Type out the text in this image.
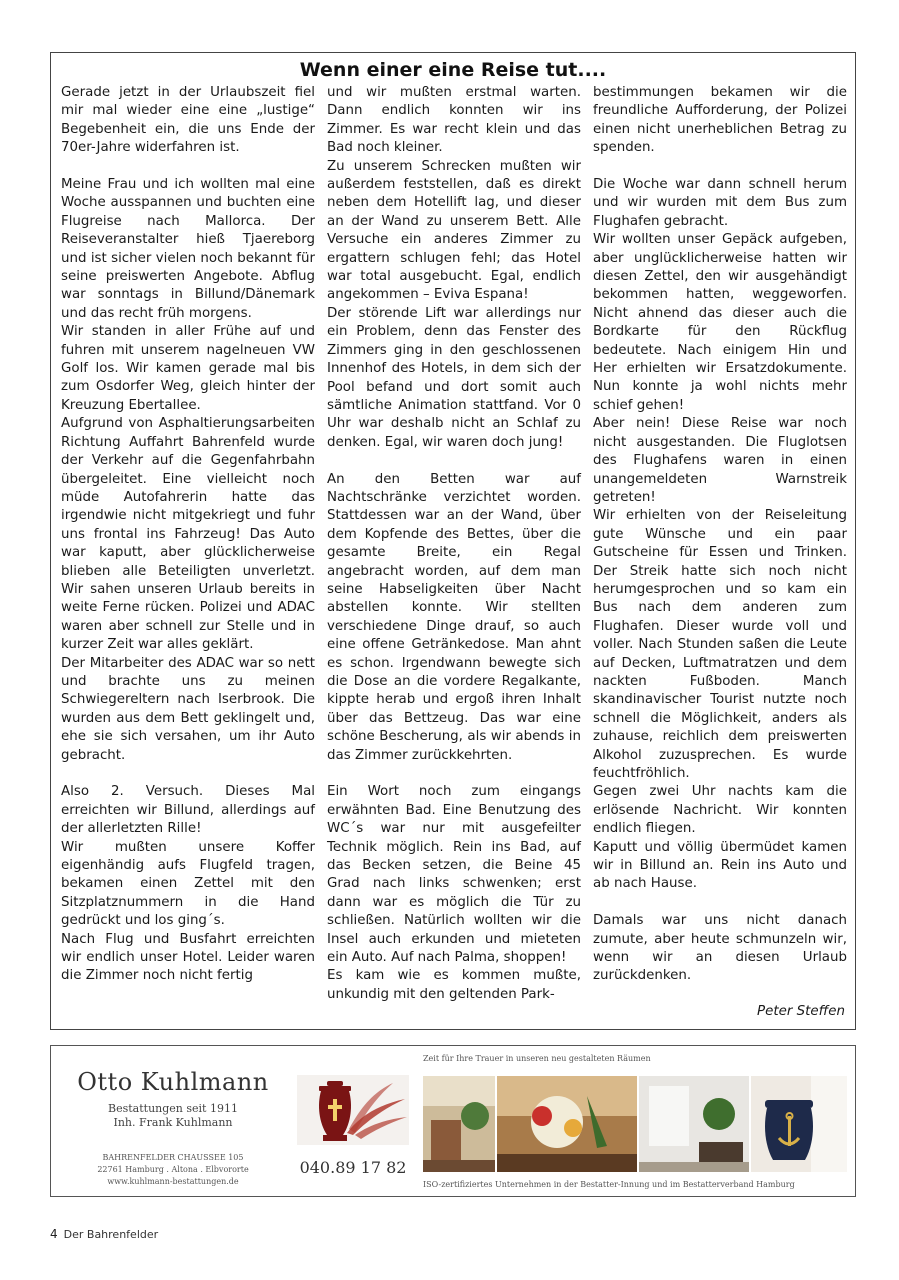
Wenn einer eine Reise tut....

Gerade jetzt in der Urlaubszeit fiel mir mal wieder eine eine „lustige“ Begebenheit ein, die uns Ende der 70er-Jahre widerfahren ist.

Meine Frau und ich wollten mal eine Woche ausspannen und buchten eine Flugreise nach Mallorca. Der Reiseveranstalter hieß Tjaereborg und ist sicher vielen noch bekannt für seine preiswerten Angebote. Abflug war sonntags in Billund/Dänemark und das recht früh morgens.

Wir standen in aller Frühe auf und fuhren mit unserem nagelneuen VW Golf los. Wir kamen gerade mal bis zum Osdorfer Weg, gleich hinter der Kreuzung Ebertallee.

Aufgrund von Asphaltierungsarbeiten Richtung Auffahrt Bahrenfeld wurde der Verkehr auf die Gegenfahrbahn übergeleitet. Eine vielleicht noch müde Autofahrerin hatte das irgendwie nicht mitgekriegt und fuhr uns frontal ins Fahrzeug! Das Auto war kaputt, aber glücklicherweise blieben alle Beteiligten unverletzt. Wir sahen unseren Urlaub bereits in weite Ferne rücken. Polizei und ADAC waren aber schnell zur Stelle und in kurzer Zeit war alles geklärt.

Der Mitarbeiter des ADAC war so nett und brachte uns zu meinen Schwiegereltern nach Iserbrook. Die wurden aus dem Bett geklingelt und, ehe sie sich versahen, um ihr Auto gebracht.

Also 2. Versuch. Dieses Mal erreichten wir Billund, allerdings auf der allerletzten Rille!

Wir mußten unsere Koffer eigenhändig aufs Flugfeld tragen, bekamen einen Zettel mit den Sitzplatznummern in die Hand gedrückt und los ging´s.

Nach Flug und Busfahrt erreichten wir endlich unser Hotel. Leider waren die Zimmer noch nicht fertig

und wir mußten erstmal warten. Dann endlich konnten wir ins Zimmer. Es war recht klein und das Bad noch kleiner.

Zu unserem Schrecken mußten wir außerdem feststellen, daß es direkt neben dem Hotellift lag, und dieser an der Wand zu unserem Bett. Alle Versuche ein anderes Zimmer zu ergattern schlugen fehl; das Hotel war total ausgebucht. Egal, endlich angekommen – Eviva Espana!

Der störende Lift war allerdings nur ein Problem, denn das Fenster des Zimmers ging in den geschlossenen Innenhof des Hotels, in dem sich der Pool befand und dort somit auch sämtliche Animation stattfand. Vor 0 Uhr war deshalb nicht an Schlaf zu denken. Egal, wir waren doch jung!

An den Betten war auf Nachtschränke verzichtet worden. Stattdessen war an der Wand, über dem Kopfende des Bettes, über die gesamte Breite, ein Regal angebracht worden, auf dem man seine Habseligkeiten über Nacht abstellen konnte. Wir stellten verschiedene Dinge drauf, so auch eine offene Getränkedose. Man ahnt es schon. Irgendwann bewegte sich die Dose an die vordere Regalkante, kippte herab und ergoß ihren Inhalt über das Bettzeug. Das war eine schöne Bescherung, als wir abends in das Zimmer zurückkehrten.

Ein Wort noch zum eingangs erwähnten Bad. Eine Benutzung des WC´s war nur mit ausgefeilter Technik möglich. Rein ins Bad, auf das Becken setzen, die Beine 45 Grad nach links schwenken; erst dann war es möglich die Tür zu schließen. Natürlich wollten wir die Insel auch erkunden und mieteten ein Auto. Auf nach Palma, shoppen!

Es kam wie es kommen mußte, unkundig mit den geltenden Park-

bestimmungen bekamen wir die freundliche Aufforderung, der Polizei einen nicht unerheblichen Betrag zu spenden.

Die Woche war dann schnell herum und wir wurden mit dem Bus zum Flughafen gebracht.

Wir wollten unser Gepäck aufgeben, aber unglücklicherweise hatten wir diesen Zettel, den wir ausgehändigt bekommen hatten, weggeworfen. Nicht ahnend das dieser auch die Bordkarte für den Rückflug bedeutete. Nach einigem Hin und Her erhielten wir Ersatzdokumente. Nun konnte ja wohl nichts mehr schief gehen!

Aber nein! Diese Reise war noch nicht ausgestanden. Die Fluglotsen des Flughafens waren in einen unangemeldeten Warnstreik getreten!

Wir erhielten von der Reiseleitung gute Wünsche und ein paar Gutscheine für Essen und Trinken. Der Streik hatte sich noch nicht herumgesprochen und so kam ein Bus nach dem anderen zum Flughafen. Dieser wurde voll und voller. Nach Stunden saßen die Leute auf Decken, Luftmatratzen und dem nackten Fußboden. Manch skandinavischer Tourist nutzte noch schnell die Möglichkeit, anders als zuhause, reichlich dem preiswerten Alkohol zuzusprechen. Es wurde feuchtfröhlich.

Gegen zwei Uhr nachts kam die erlösende Nachricht. Wir konnten endlich fliegen.

Kaputt und völlig übermüdet kamen wir in Billund an. Rein ins Auto und ab nach Hause.

Damals war uns nicht danach zumute, aber heute schmunzeln wir, wenn wir an diesen Urlaub zurückdenken.

Peter Steffen
Otto Kuhlmann
Bestattungen seit 1911
Inh. Frank Kuhlmann
BAHRENFELDER CHAUSSEE 105
22761 Hamburg . Altona . Elbvororte
www.kuhlmann-bestattungen.de
040.89 17 82
Zeit für Ihre Trauer in unseren neu gestalteten Räumen
ISO-zertifiziertes Unternehmen in der Bestatter-Innung und im Bestatterverband Hamburg
4 Der Bahrenfelder
